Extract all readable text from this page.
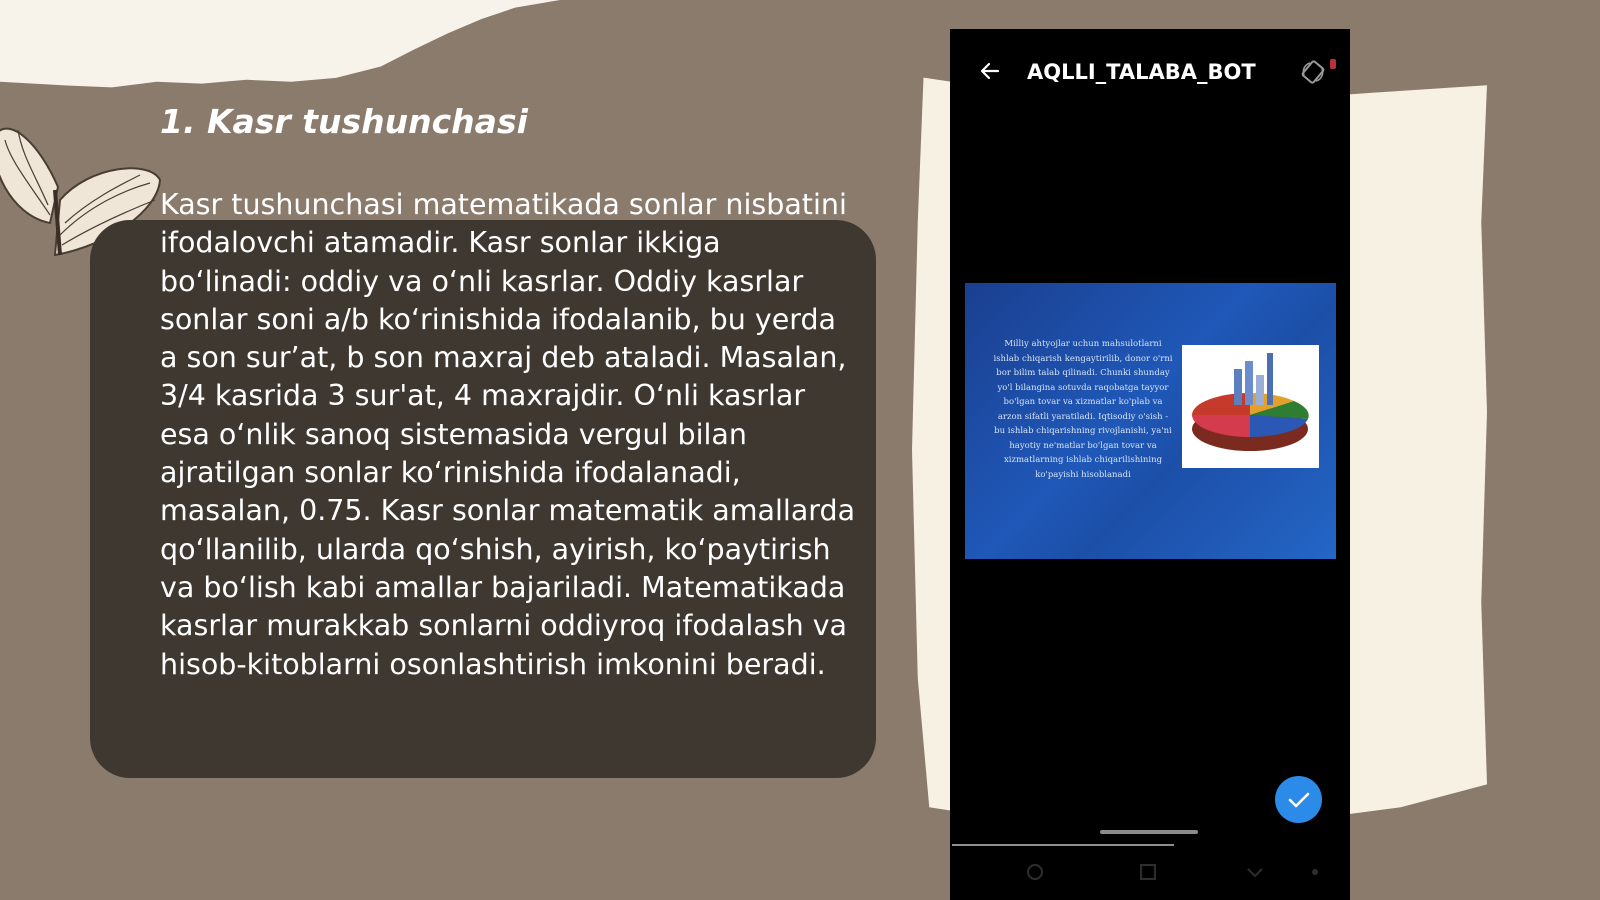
1. Kasr tushunchasi

Kasr tushunchasi matematikada sonlar nisbatini ifodalovchi atamadir. Kasr sonlar ikkiga bo‘linadi: oddiy va o‘nli kasrlar. Oddiy kasrlar sonlar soni a/b ko‘rinishida ifodalanib, bu yerda a son sur’at, b son maxraj deb ataladi. Masalan, 3/4 kasrida 3 sur'at, 4 maxrajdir. O‘nli kasrlar esa o‘nlik sanoq sistemasida vergul bilan ajratilgan sonlar ko‘rinishida ifodalanadi, masalan, 0.75. Kasr sonlar matematik amallarda qo‘llanilib, ularda qo‘shish, ayirish, ko‘paytirish va bo‘lish kabi amallar bajariladi. Matematikada kasrlar murakkab sonlarni oddiyroq ifodalash va hisob-kitoblarni osonlashtirish imkonini beradi.

AQLLI_TALABA_BOT

Milliy ahtyojlar uchun mahsulotlarni ishlab chiqarish kengaytirilib, donor o'rni bor bilim talab qilinadi. Chunki shunday yo'l bilangina sotuvda raqobatga tayyor bo'lgan tovar va xizmatlar ko'plab va arzon sifatli yaratiladi. Iqtisodiy o'sish - bu ishlab chiqarishning rivojlanishi, ya'ni hayotiy ne'matlar bo'lgan tovar va xizmatlarning ishlab chiqarilishining ko'payishi hisoblanadi
